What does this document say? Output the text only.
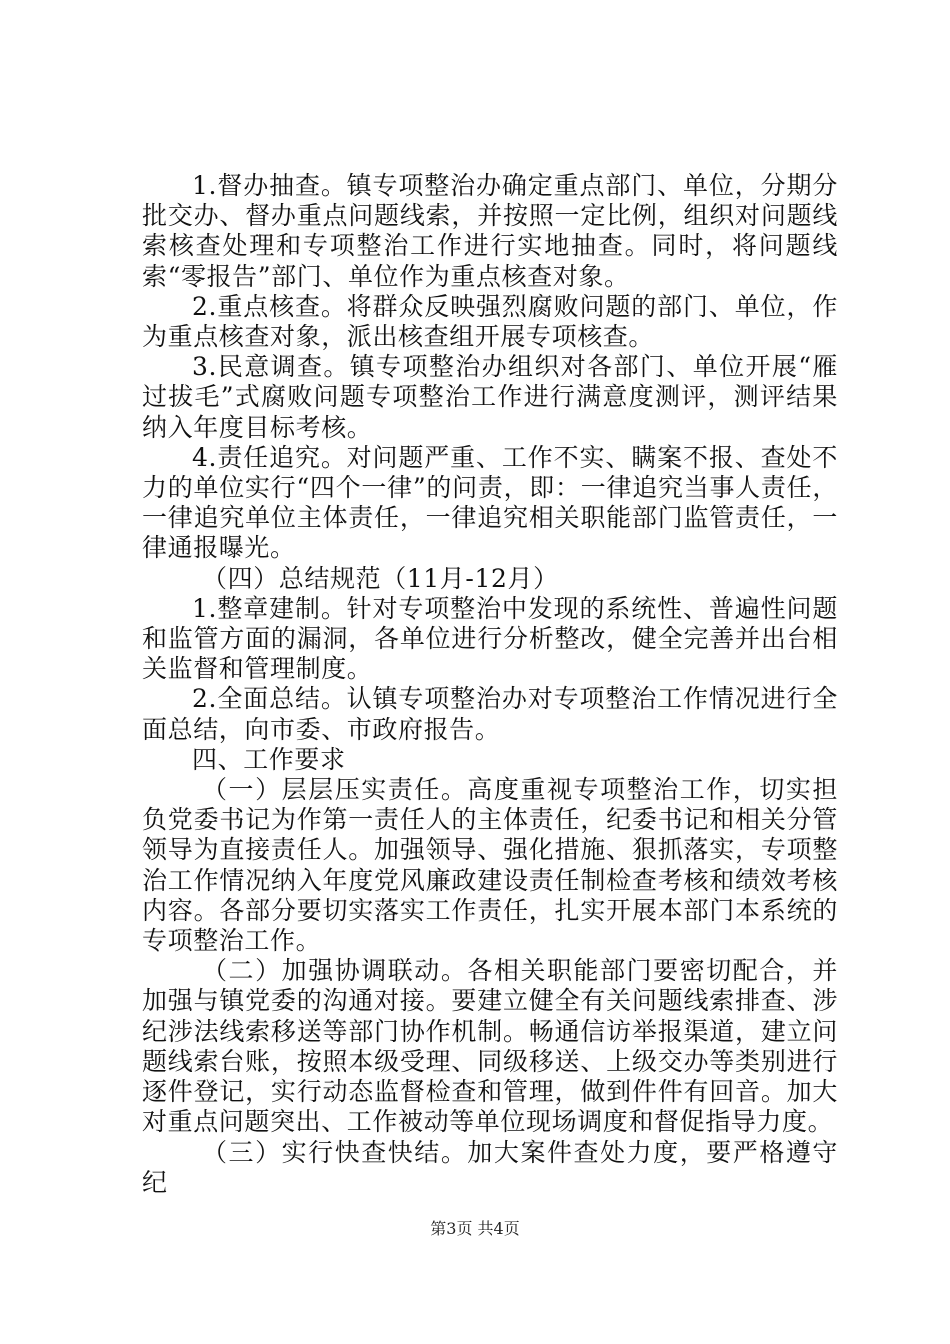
1.督办抽查。镇专项整治办确定重点部门、单位，分期分批交办、督办重点问题线索，并按照一定比例，组织对问题线索核查处理和专项整治工作进行实地抽查。同时，将问题线索“零报告”部门、单位作为重点核查对象。

2.重点核查。将群众反映强烈腐败问题的部门、单位，作为重点核查对象，派出核查组开展专项核查。

3.民意调查。镇专项整治办组织对各部门、单位开展“雁过拔毛”式腐败问题专项整治工作进行满意度测评，测评结果纳入年度目标考核。

4.责任追究。对问题严重、工作不实、瞒案不报、查处不力的单位实行“四个一律”的问责，即：一律追究当事人责任，一律追究单位主体责任，一律追究相关职能部门监管责任，一律通报曝光。

（四）总结规范（11月-12月）

1.整章建制。针对专项整治中发现的系统性、普遍性问题和监管方面的漏洞，各单位进行分析整改，健全完善并出台相关监督和管理制度。

2.全面总结。认镇专项整治办对专项整治工作情况进行全面总结，向市委、市政府报告。

四、工作要求

（一）层层压实责任。高度重视专项整治工作，切实担负党委书记为作第一责任人的主体责任，纪委书记和相关分管领导为直接责任人。加强领导、强化措施、狠抓落实，专项整治工作情况纳入年度党风廉政建设责任制检查考核和绩效考核内容。各部分要切实落实工作责任，扎实开展本部门本系统的专项整治工作。

（二）加强协调联动。各相关职能部门要密切配合，并加强与镇党委的沟通对接。要建立健全有关问题线索排查、涉纪涉法线索移送等部门协作机制。畅通信访举报渠道，建立问题线索台账，按照本级受理、同级移送、上级交办等类别进行逐件登记，实行动态监督检查和管理，做到件件有回音。加大对重点问题突出、工作被动等单位现场调度和督促指导力度。

（三）实行快查快结。加大案件查处力度，要严格遵守纪

第3页 共4页
